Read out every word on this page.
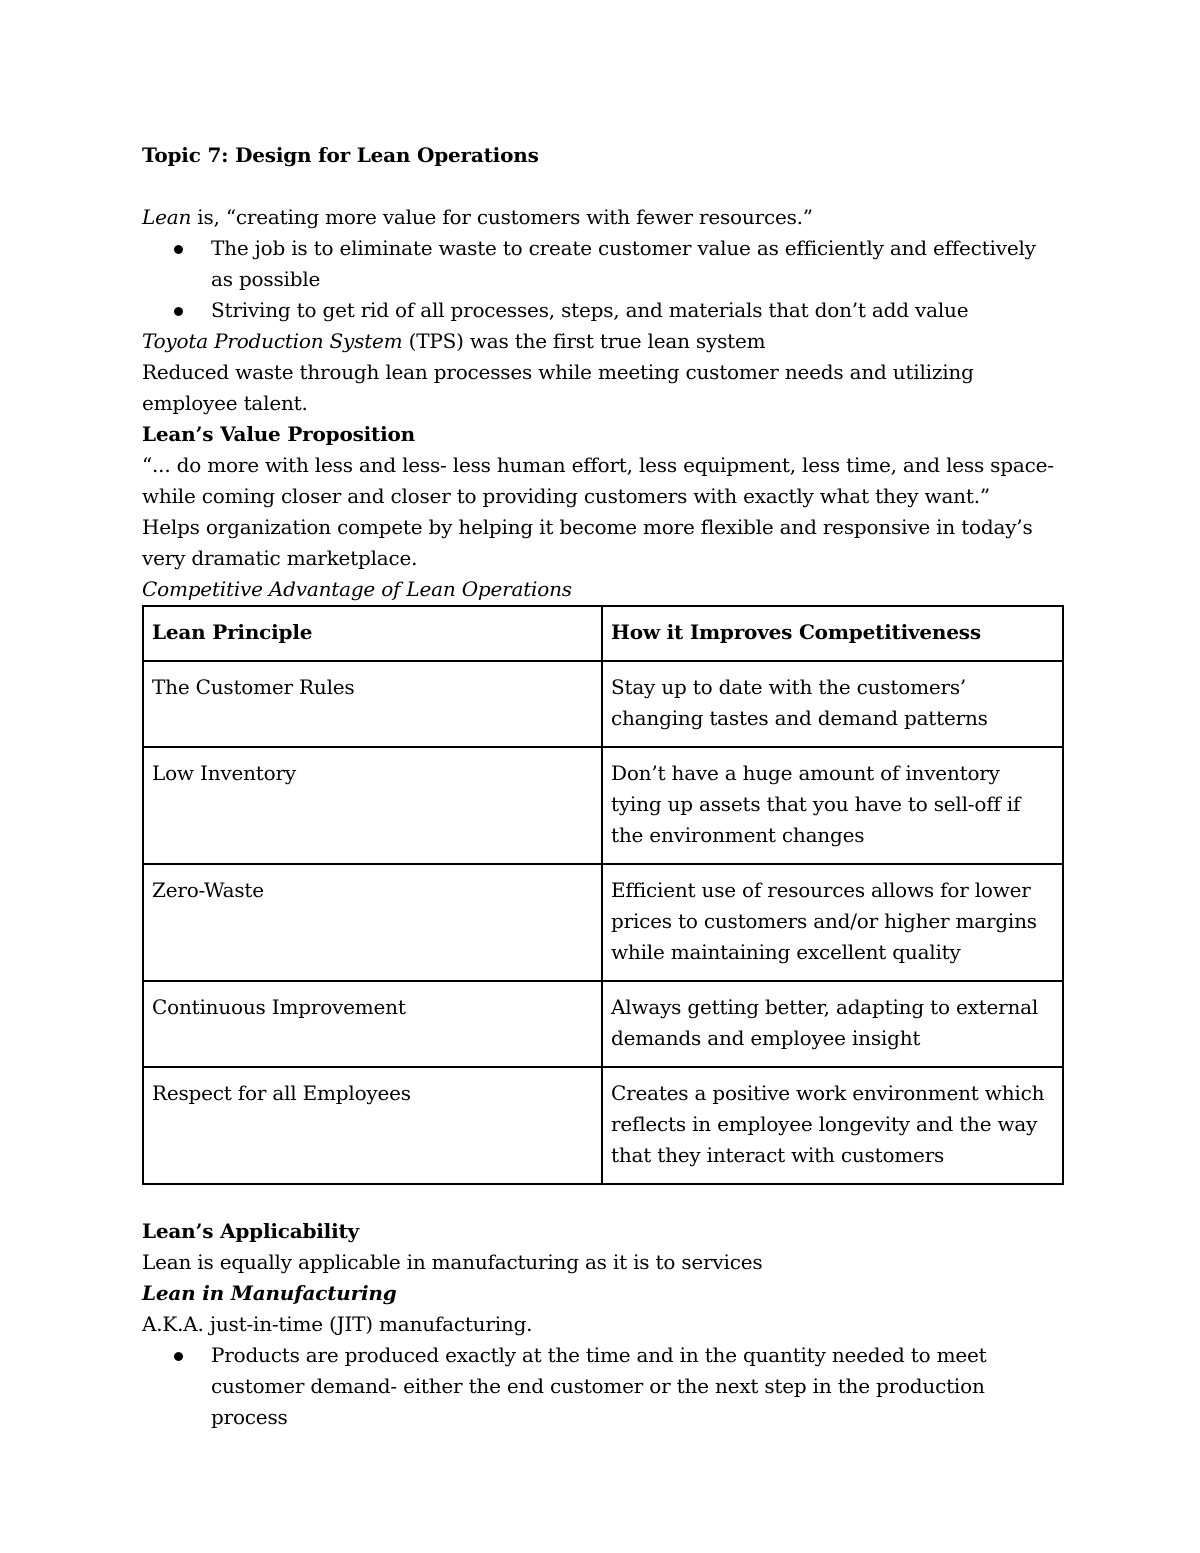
Topic 7: Design for Lean Operations

Lean is, “creating more value for customers with fewer resources.”

The job is to eliminate waste to create customer value as efficiently and effectively as possible
Striving to get rid of all processes, steps, and materials that don’t add value

Toyota Production System (TPS) was the first true lean system

Reduced waste through lean processes while meeting customer needs and utilizing employee talent.

Lean’s Value Proposition

“... do more with less and less- less human effort, less equipment, less time, and less space- while coming closer and closer to providing customers with exactly what they want.”

Helps organization compete by helping it become more flexible and responsive in today’s very dramatic marketplace.

Competitive Advantage of Lean Operations

Lean Principle	How it Improves Competitiveness
The Customer Rules	Stay up to date with the customers’ changing tastes and demand patterns
Low Inventory	Don’t have a huge amount of inventory tying up assets that you have to sell-off if the environment changes
Zero-Waste	Efficient use of resources allows for lower prices to customers and/or higher margins while maintaining excellent quality
Continuous Improvement	Always getting better, adapting to external demands and employee insight
Respect for all Employees	Creates a positive work environment which reflects in employee longevity and the way that they interact with customers

Lean’s Applicability

Lean is equally applicable in manufacturing as it is to services

Lean in Manufacturing

A.K.A. just-in-time (JIT) manufacturing.

Products are produced exactly at the time and in the quantity needed to meet customer demand- either the end customer or the next step in the production process
